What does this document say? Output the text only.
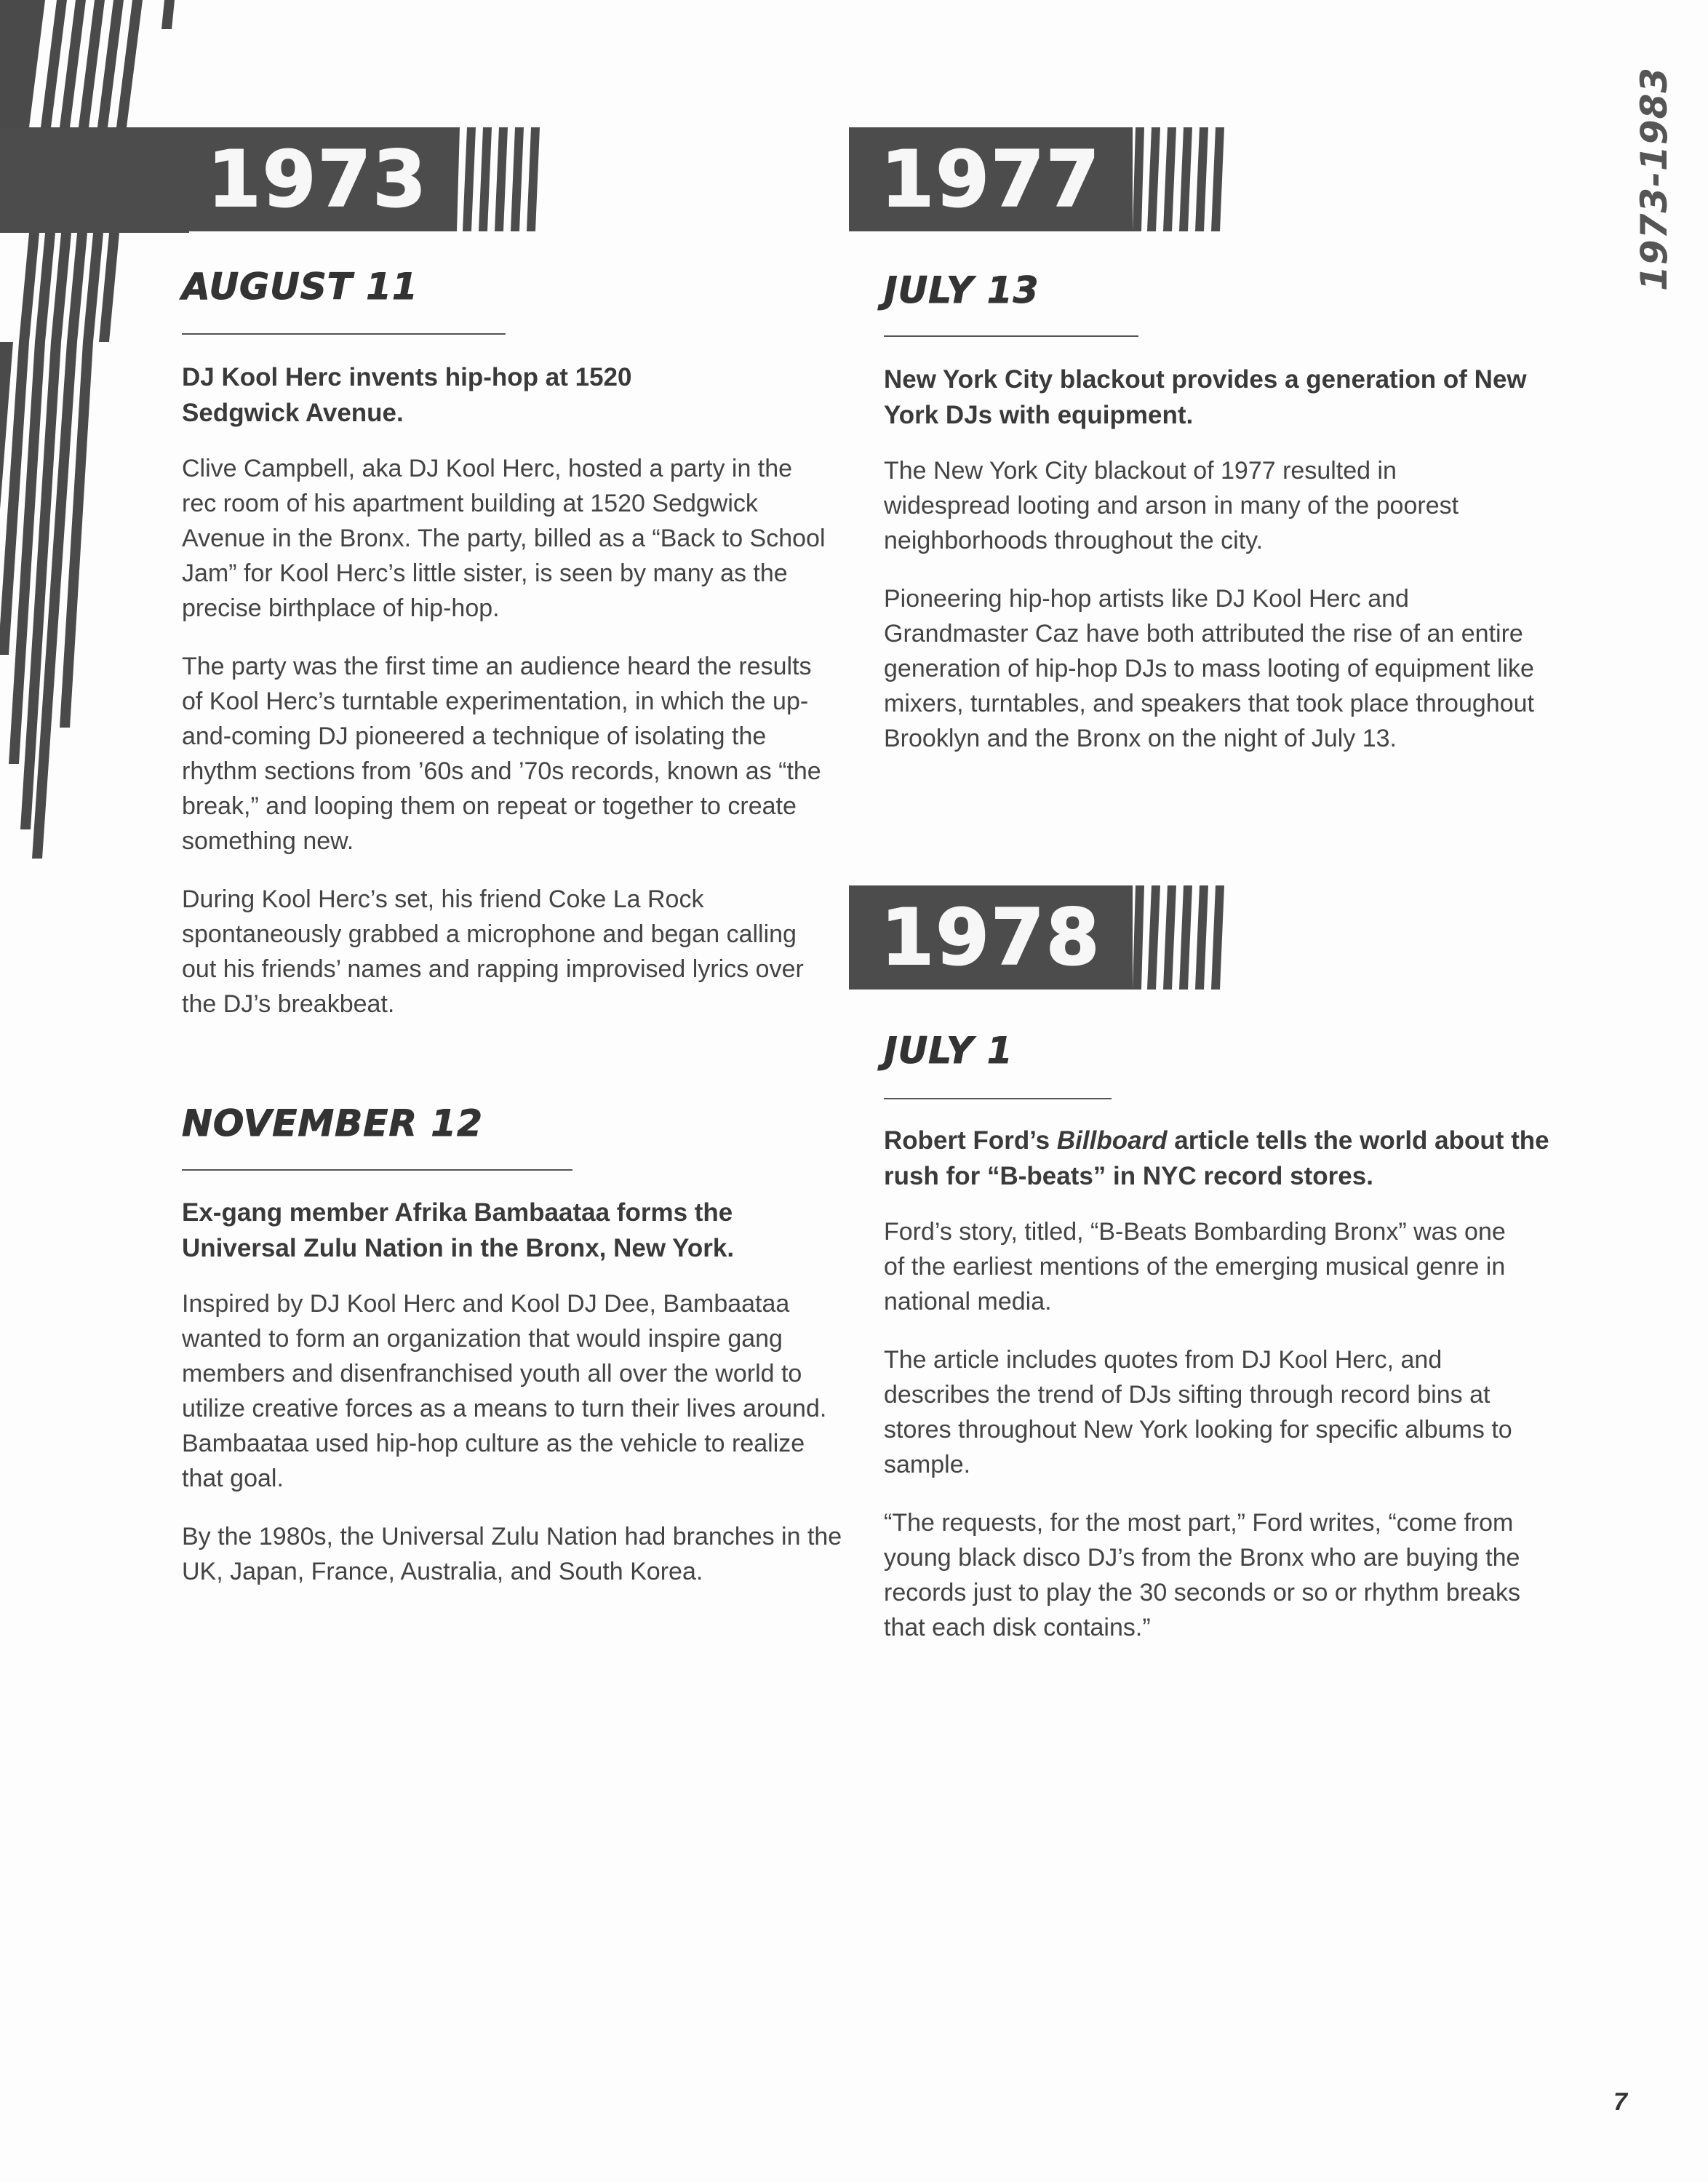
1973	1977
1978
1973-1983
AUGUST 11

DJ Kool Herc invents hip-hop at 1520 Sedgwick Avenue.

Clive Campbell, aka DJ Kool Herc, hosted a party in the rec room of his apartment building at 1520 Sedgwick Avenue in the Bronx. The party, billed as a “Back to School Jam” for Kool Herc’s little sister, is seen by many as the precise birthplace of hip-hop.

The party was the first time an audience heard the results of Kool Herc’s turntable experimentation, in which the up-and-coming DJ pioneered a technique of isolating the rhythm sections from ’60s and ’70s records, known as “the break,” and looping them on repeat or together to create something new.

During Kool Herc’s set, his friend Coke La Rock spontaneously grabbed a microphone and began calling out his friends’ names and rapping improvised lyrics over the DJ’s breakbeat.

NOVEMBER 12

Ex-gang member Afrika Bambaataa forms the Universal Zulu Nation in the Bronx, New York.

Inspired by DJ Kool Herc and Kool DJ Dee, Bambaataa wanted to form an organization that would inspire gang members and disenfranchised youth all over the world to utilize creative forces as a means to turn their lives around. Bambaataa used hip-hop culture as the vehicle to realize that goal.

By the 1980s, the Universal Zulu Nation had branches in the UK, Japan, France, Australia, and South Korea.

JULY 13

New York City blackout provides a generation of New York DJs with equipment.

The New York City blackout of 1977 resulted in widespread looting and arson in many of the poorest neighborhoods throughout the city.

Pioneering hip-hop artists like DJ Kool Herc and Grandmaster Caz have both attributed the rise of an entire generation of hip-hop DJs to mass looting of equipment like mixers, turntables, and speakers that took place throughout Brooklyn and the Bronx on the night of July 13.

JULY 1

Robert Ford’s Billboard article tells the world about the rush for “B-beats” in NYC record stores.

Ford’s story, titled, “B-Beats Bombarding Bronx” was one of the earliest mentions of the emerging musical genre in national media.

The article includes quotes from DJ Kool Herc, and describes the trend of DJs sifting through record bins at stores throughout New York looking for specific albums to sample.

“The requests, for the most part,” Ford writes, “come from young black disco DJ’s from the Bronx who are buying the records just to play the 30 seconds or so or rhythm breaks that each disk contains.”

7
